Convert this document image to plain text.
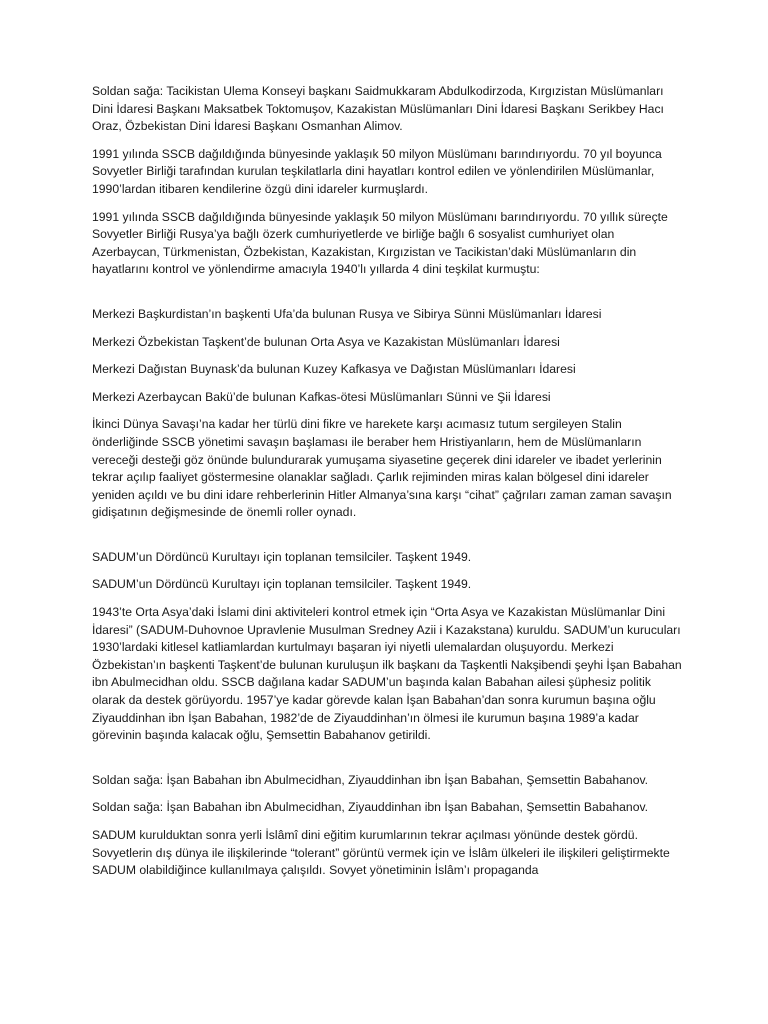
Soldan sağa: Tacikistan Ulema Konseyi başkanı Saidmukkaram Abdulkodirzoda, Kırgızistan Müslümanları Dini İdaresi Başkanı Maksatbek Toktomuşov, Kazakistan Müslümanları Dini İdaresi Başkanı Serikbey Hacı Oraz, Özbekistan Dini İdaresi Başkanı Osmanhan Alimov.

1991 yılında SSCB dağıldığında bünyesinde yaklaşık 50 milyon Müslümanı barındırıyordu. 70 yıl boyunca Sovyetler Birliği tarafından kurulan teşkilatlarla dini hayatları kontrol edilen ve yönlendirilen Müslümanlar, 1990’lardan itibaren kendilerine özgü dini idareler kurmuşlardı.

1991 yılında SSCB dağıldığında bünyesinde yaklaşık 50 milyon Müslümanı barındırıyordu. 70 yıllık süreçte Sovyetler Birliği Rusya’ya bağlı özerk cumhuriyetlerde ve birliğe bağlı 6 sosyalist cumhuriyet olan Azerbaycan, Türkmenistan, Özbekistan, Kazakistan, Kırgızistan ve Tacikistan’daki Müslümanların din hayatlarını kontrol ve yönlendirme amacıyla 1940’lı yıllarda 4 dini teşkilat kurmuştu:

Merkezi Başkurdistan’ın başkenti Ufa’da bulunan Rusya ve Sibirya Sünni Müslümanları İdaresi

Merkezi Özbekistan Taşkent’de bulunan Orta Asya ve Kazakistan Müslümanları İdaresi

Merkezi Dağıstan Buynask’da bulunan Kuzey Kafkasya ve Dağıstan Müslümanları İdaresi

Merkezi Azerbaycan Bakü’de bulunan Kafkas-ötesi Müslümanları Sünni ve Şii İdaresi

İkinci Dünya Savaşı’na kadar her türlü dini fikre ve harekete karşı acımasız tutum sergileyen Stalin önderliğinde SSCB yönetimi savaşın başlaması ile beraber hem Hristiyanların, hem de Müslümanların vereceği desteği göz önünde bulundurarak yumuşama siyasetine geçerek dini idareler ve ibadet yerlerinin tekrar açılıp faaliyet göstermesine olanaklar sağladı. Çarlık rejiminden miras kalan bölgesel dini idareler yeniden açıldı ve bu dini idare rehberlerinin Hitler Almanya’sına karşı “cihat” çağrıları zaman zaman savaşın gidişatının değişmesinde de önemli roller oynadı.

SADUM’un Dördüncü Kurultayı için toplanan temsilciler. Taşkent 1949.

SADUM’un Dördüncü Kurultayı için toplanan temsilciler. Taşkent 1949.

1943’te Orta Asya’daki İslami dini aktiviteleri kontrol etmek için “Orta Asya ve Kazakistan Müslümanlar Dini İdaresi” (SADUM-Duhovnoe Upravlenie Musulman Sredney Azii i Kazakstana) kuruldu. SADUM’un kurucuları 1930’lardaki kitlesel katliamlardan kurtulmayı başaran iyi niyetli ulemalardan oluşuyordu. Merkezi Özbekistan’ın başkenti Taşkent’de bulunan kuruluşun ilk başkanı da Taşkentli Nakşibendi şeyhi İşan Babahan ibn Abulmecidhan oldu. SSCB dağılana kadar SADUM’un başında kalan Babahan ailesi şüphesiz politik olarak da destek görüyordu. 1957’ye kadar görevde kalan İşan Babahan’dan sonra kurumun başına oğlu Ziyauddinhan ibn İşan Babahan, 1982’de de Ziyauddinhan’ın ölmesi ile kurumun başına 1989’a kadar görevinin başında kalacak oğlu, Şemsettin Babahanov getirildi.

Soldan sağa: İşan Babahan ibn Abulmecidhan, Ziyauddinhan ibn İşan Babahan, Şemsettin Babahanov.

Soldan sağa: İşan Babahan ibn Abulmecidhan, Ziyauddinhan ibn İşan Babahan, Şemsettin Babahanov.

SADUM kurulduktan sonra yerli İslâmî dini eğitim kurumlarının tekrar açılması yönünde destek gördü. Sovyetlerin dış dünya ile ilişkilerinde “tolerant” görüntü vermek için ve İslâm ülkeleri ile ilişkileri geliştirmekte SADUM olabildiğince kullanılmaya çalışıldı. Sovyet yönetiminin İslâm’ı propaganda
